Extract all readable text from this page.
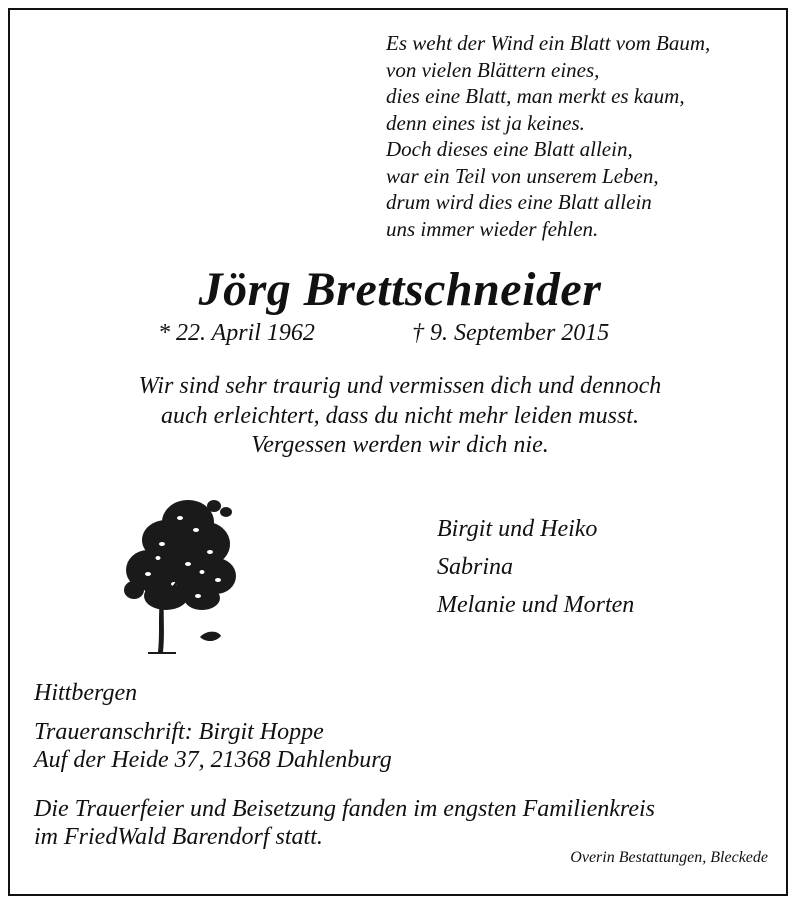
Es weht der Wind ein Blatt vom Baum,
von vielen Blättern eines,
dies eine Blatt, man merkt es kaum,
denn eines ist ja keines.
Doch dieses eine Blatt allein,
war ein Teil von unserem Leben,
drum wird dies eine Blatt allein
uns immer wieder fehlen.
Jörg Brettschneider
* 22. April 1962	† 9. September 2015
Wir sind sehr traurig und vermissen dich und dennoch
auch erleichtert, dass du nicht mehr leiden musst.
Vergessen werden wir dich nie.
Birgit und Heiko
Sabrina
Melanie und Morten
Hittbergen
Traueranschrift: Birgit Hoppe
Auf der Heide 37, 21368 Dahlenburg
Die Trauerfeier und Beisetzung fanden im engsten Familienkreis
im FriedWald Barendorf statt.
Overin Bestattungen, Bleckede
